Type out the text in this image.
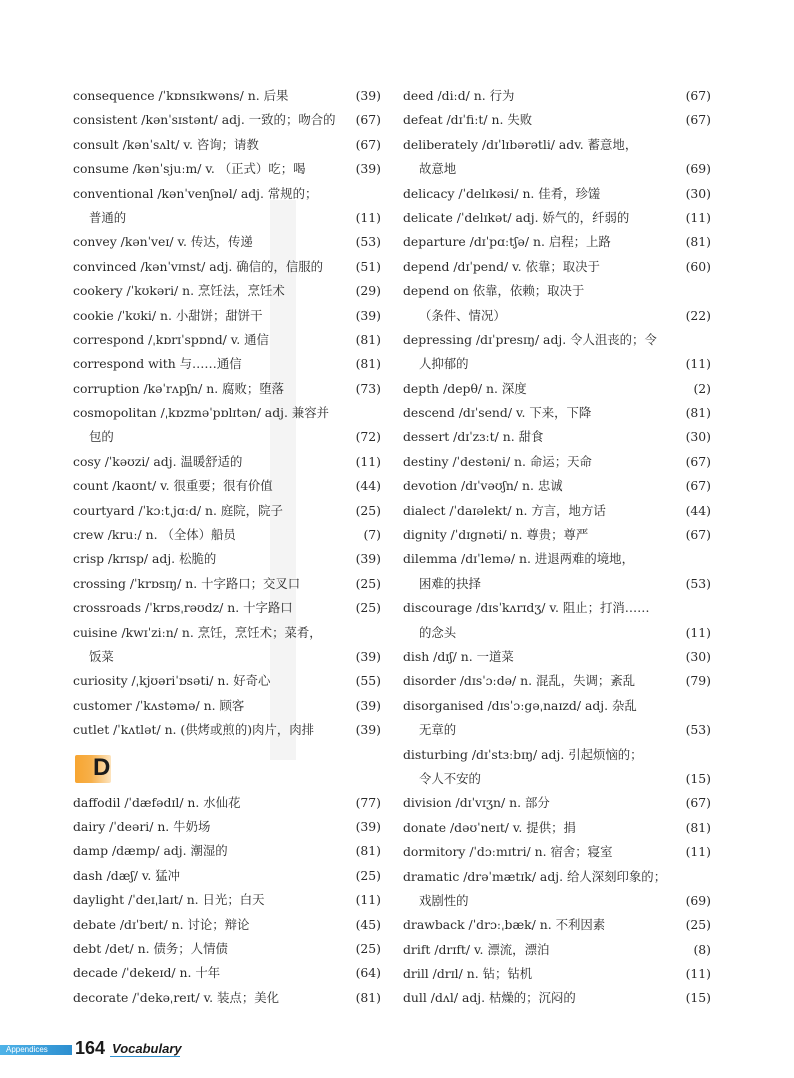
consequence /ˈkɒnsɪkwəns/ n. 后果	(39)
consistent /kənˈsɪstənt/ adj. 一致的；吻合的 (67)
consult /kənˈsʌlt/ v. 咨询；请教	(67)
consume /kənˈsjuːm/ v. （正式）吃；喝	(39)
conventional /kənˈvenʃnəl/ adj. 常规的；
普通的	(11)
convey /kənˈveɪ/ v. 传达，传递	(53)
convinced /kənˈvɪnst/ adj. 确信的，信服的	(51)
cookery /ˈkʊkəri/ n. 烹饪法，烹饪术	(29)
cookie /ˈkʊki/ n. 小甜饼；甜饼干	(39)
correspond /ˌkɒrɪˈspɒnd/ v. 通信	(81)
correspond with 与……通信	(81)
corruption /kəˈrʌpʃn/ n. 腐败；堕落	(73)
cosmopolitan /ˌkɒzməˈpɒlɪtən/ adj. 兼容并
包的	(72)
cosy /ˈkəʊzi/ adj. 温暖舒适的	(11)
count /kaʊnt/ v. 很重要；很有价值	(44)
courtyard /ˈkɔːtˌjɑːd/ n. 庭院，院子	(25)
crew /kruː/ n. （全体）船员	(7)
crisp /krɪsp/ adj. 松脆的	(39)
crossing /ˈkrɒsɪŋ/ n. 十字路口；交叉口	(25)
crossroads /ˈkrɒsˌrəʊdz/ n. 十字路口	(25)
cuisine /kwɪˈziːn/ n. 烹饪，烹饪术；菜肴，
饭菜	(39)
curiosity /ˌkjʊəriˈɒsəti/ n. 好奇心	(55)
customer /ˈkʌstəmə/ n. 顾客	(39)
cutlet /ˈkʌtlət/ n. (供烤或煎的)肉片，肉排	(39)
D
daffodil /ˈdæfədɪl/ n. 水仙花	(77)
dairy /ˈdeəri/ n. 牛奶场	(39)
damp /dæmp/ adj. 潮湿的	(81)
dash /dæʃ/ v. 猛冲	(25)
daylight /ˈdeɪˌlaɪt/ n. 日光；白天	(11)
debate /dɪˈbeɪt/ n. 讨论；辩论	(45)
debt /det/ n. 债务；人情债	(25)
decade /ˈdekeɪd/ n. 十年	(64)
decorate /ˈdekəˌreɪt/ v. 装点；美化	(81)
deed /diːd/ n. 行为	(67)
defeat /dɪˈfiːt/ n. 失败	(67)
deliberately /dɪˈlɪbərətli/ adv. 蓄意地，
故意地	(69)
delicacy /ˈdelɪkəsi/ n. 佳肴，珍馐	(30)
delicate /ˈdelɪkət/ adj. 娇气的，纤弱的	(11)
departure /dɪˈpɑːtʃə/ n. 启程；上路	(81)
depend /dɪˈpend/ v. 依靠；取决于	(60)
depend on 依靠，依赖；取决于
（条件、情况）	(22)
depressing /dɪˈpresɪŋ/ adj. 令人沮丧的；令
人抑郁的	(11)
depth /depθ/ n. 深度	(2)
descend /dɪˈsend/ v. 下来，下降	(81)
dessert /dɪˈzɜːt/ n. 甜食	(30)
destiny /ˈdestəni/ n. 命运；天命	(67)
devotion /dɪˈvəʊʃn/ n. 忠诚	(67)
dialect /ˈdaɪəlekt/ n. 方言，地方话	(44)
dignity /ˈdɪgnəti/ n. 尊贵；尊严	(67)
dilemma /dɪˈlemə/ n. 进退两难的境地，
困难的抉择	(53)
discourage /dɪsˈkʌrɪdʒ/ v. 阻止；打消……
的念头	(11)
dish /dɪʃ/ n. 一道菜	(30)
disorder /dɪsˈɔːdə/ n. 混乱，失调；紊乱	(79)
disorganised /dɪsˈɔːgəˌnaɪzd/ adj. 杂乱
无章的	(53)
disturbing /dɪˈstɜːbɪŋ/ adj. 引起烦恼的；
令人不安的	(15)
division /dɪˈvɪʒn/ n. 部分	(67)
donate /dəʊˈneɪt/ v. 提供；捐	(81)
dormitory /ˈdɔːmɪtri/ n. 宿舍；寝室	(11)
dramatic /drəˈmætɪk/ adj. 给人深刻印象的；
戏剧性的	(69)
drawback /ˈdrɔːˌbæk/ n. 不利因素	(25)
drift /drɪft/ v. 漂流，漂泊	(8)
drill /drɪl/ n. 钻；钻机	(11)
dull /dʌl/ adj. 枯燥的；沉闷的	(15)
Appendices 164 Vocabulary
